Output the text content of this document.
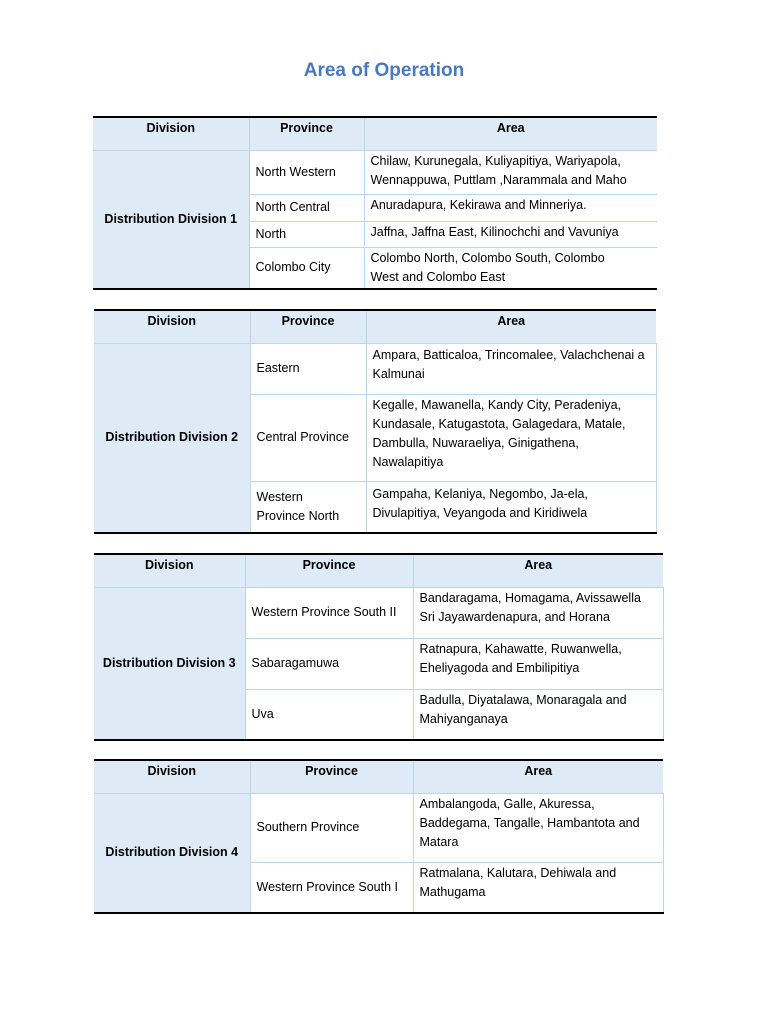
Area of Operation
Division	Province	Area
Distribution Division 1	North Western	Chilaw, Kurunegala, Kuliyapitiya, Wariyapola,
Wennappuwa, Puttlam ,Narammala and Maho
	North Central	Anuradapura, Kekirawa and Minneriya.
	North	Jaffna, Jaffna East, Kilinochchi and Vavuniya
	Colombo City	Colombo North, Colombo South, Colombo
West and Colombo East
Division	Province	Area
Distribution Division 2	Eastern	Ampara, Batticaloa, Trincomalee, Valachchenai a
Kalmunai
	Central Province	Kegalle, Mawanella, Kandy City, Peradeniya,
Kundasale, Katugastota, Galagedara, Matale,
Dambulla, Nuwaraeliya, Ginigathena,
Nawalapitiya
	Western
Province North	Gampaha, Kelaniya, Negombo, Ja-ela,
Divulapitiya, Veyangoda and Kiridiwela
Division	Province	Area
Distribution Division 3	Western Province South II	Bandaragama, Homagama, Avissawella
Sri Jayawardenapura, and Horana
	Sabaragamuwa	Ratnapura, Kahawatte, Ruwanwella,
Eheliyagoda and Embilipitiya
	Uva	Badulla, Diyatalawa, Monaragala and
Mahiyanganaya
Division	Province	Area
Distribution Division 4	Southern Province	Ambalangoda, Galle, Akuressa,
Baddegama, Tangalle, Hambantota and
Matara
	Western Province South I	Ratmalana, Kalutara, Dehiwala and
Mathugama
